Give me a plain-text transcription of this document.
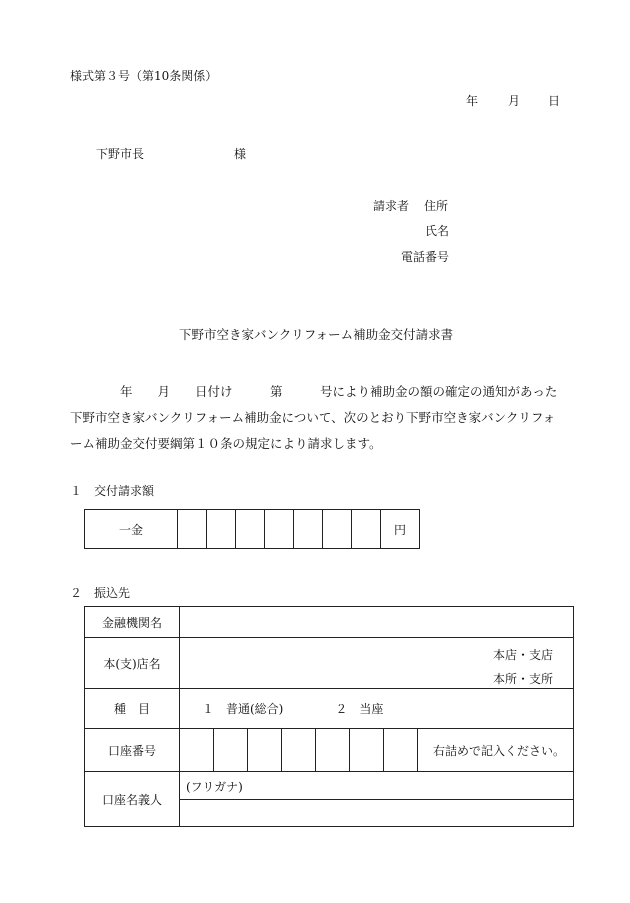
様式第３号（第10条関係）
年	月 日
下野市長	様
請求者 住所
氏名
電話番号
下野市空き家バンクリフォーム補助金交付請求書
　　　　年　　月　　日付け　　　第　　　号により補助金の額の確定の通知があった
下野市空き家バンクリフォーム補助金について、次のとおり下野市空き家バンクリフォ
ーム補助金交付要綱第１０条の規定により請求します。
１　交付請求額
一金								円
２　振込先
金融機関名								
本(支)店名	本店・支店
本所・支所							

種　目	１　普通(総合) ２　当座							
口座番号								右詰めで記入ください。
口座名義人	(フリガナ)							
